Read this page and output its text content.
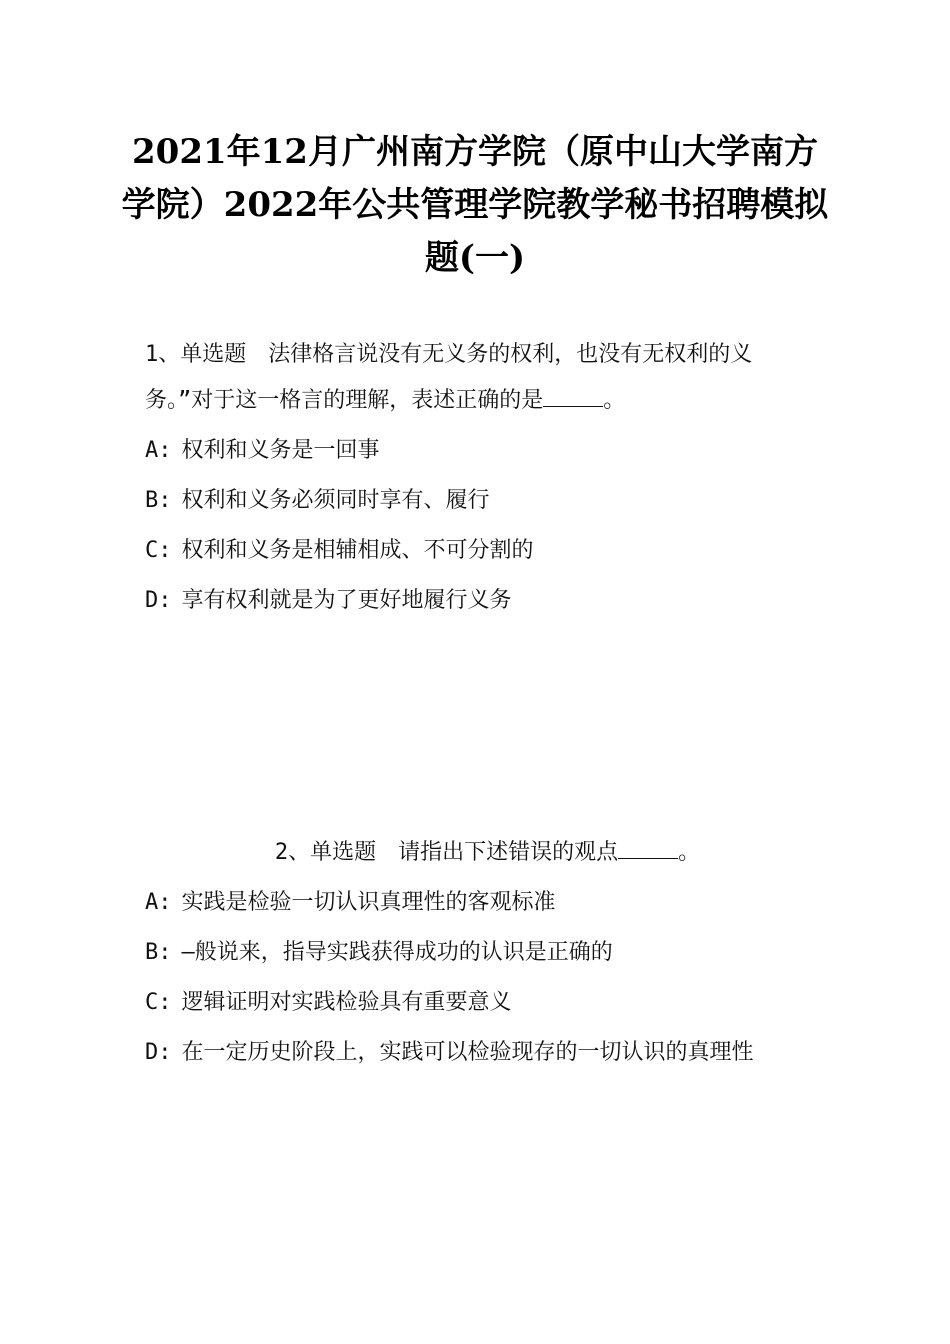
2021年12月广州南方学院（原中山大学南方学院）2022年公共管理学院教学秘书招聘模拟题(一)

1、单选题 法律格言说没有无义务的权利，也没有无权利的义务。”对于这一格言的理解，表述正确的是	。

A: 权利和义务是一回事

B: 权利和义务必须同时享有、履行

C: 权利和义务是相辅相成、不可分割的

D: 享有权利就是为了更好地履行义务

2、单选题 请指出下述错误的观点	。

A: 实践是检验一切认识真理性的客观标准

B: —般说来，指导实践获得成功的认识是正确的

C: 逻辑证明对实践检验具有重要意义

D: 在一定历史阶段上，实践可以检验现存的一切认识的真理性
